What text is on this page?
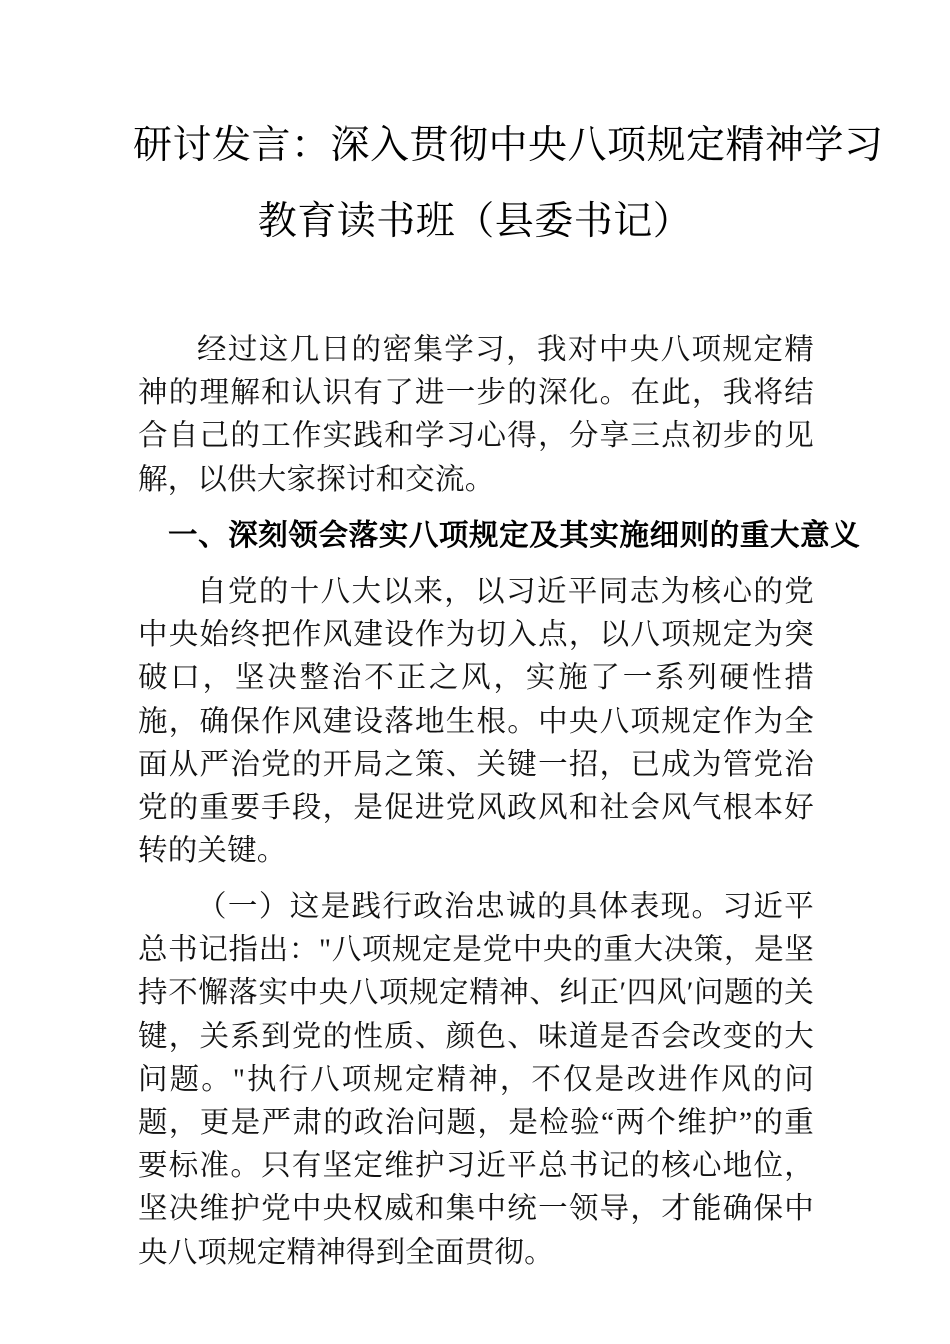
研讨发言：深入贯彻中央八项规定精神学习
教育读书班（县委书记）

经过这几日的密集学习，我对中央八项规定精神的理解和认识有了进一步的深化。在此，我将结合自己的工作实践和学习心得，分享三点初步的见解，以供大家探讨和交流。

一、深刻领会落实八项规定及其实施细则的重大意义

自党的十八大以来，以习近平同志为核心的党中央始终把作风建设作为切入点，以八项规定为突破口，坚决整治不正之风，实施了一系列硬性措施，确保作风建设落地生根。中央八项规定作为全面从严治党的开局之策、关键一招，已成为管党治党的重要手段，是促进党风政风和社会风气根本好转的关键。

（一）这是践行政治忠诚的具体表现。习近平总书记指出："八项规定是党中央的重大决策，是坚持不懈落实中央八项规定精神、纠正′四风′问题的关键，关系到党的性质、颜色、味道是否会改变的大问题。"执行八项规定精神，不仅是改进作风的问题，更是严肃的政治问题，是检验“两个维护”的重要标准。只有坚定维护习近平总书记的核心地位，坚决维护党中央权威和集中统一领导，才能确保中央八项规定精神得到全面贯彻。
